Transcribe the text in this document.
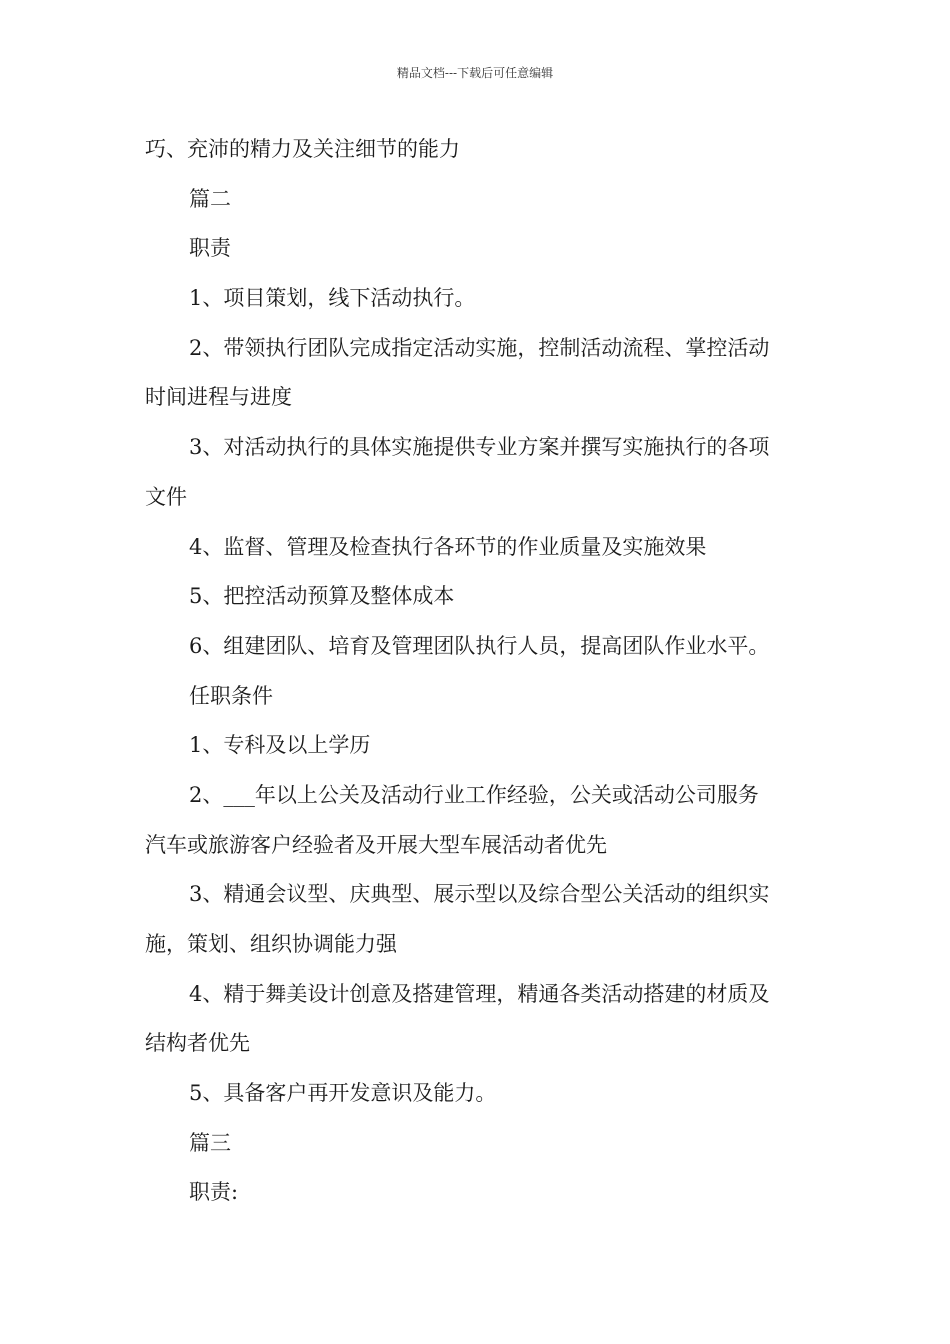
精品文档---下载后可任意编辑
巧、充沛的精力及关注细节的能力
篇二
职责
1、项目策划，线下活动执行。
2、带领执行团队完成指定活动实施，控制活动流程、掌控活动
时间进程与进度
3、对活动执行的具体实施提供专业方案并撰写实施执行的各项
文件
4、监督、管理及检查执行各环节的作业质量及实施效果
5、把控活动预算及整体成本
6、组建团队、培育及管理团队执行人员，提高团队作业水平。
任职条件
1、专科及以上学历
2、___年以上公关及活动行业工作经验，公关或活动公司服务
汽车或旅游客户经验者及开展大型车展活动者优先
3、精通会议型、庆典型、展示型以及综合型公关活动的组织实
施，策划、组织协调能力强
4、精于舞美设计创意及搭建管理，精通各类活动搭建的材质及
结构者优先
5、具备客户再开发意识及能力。
篇三
职责:
